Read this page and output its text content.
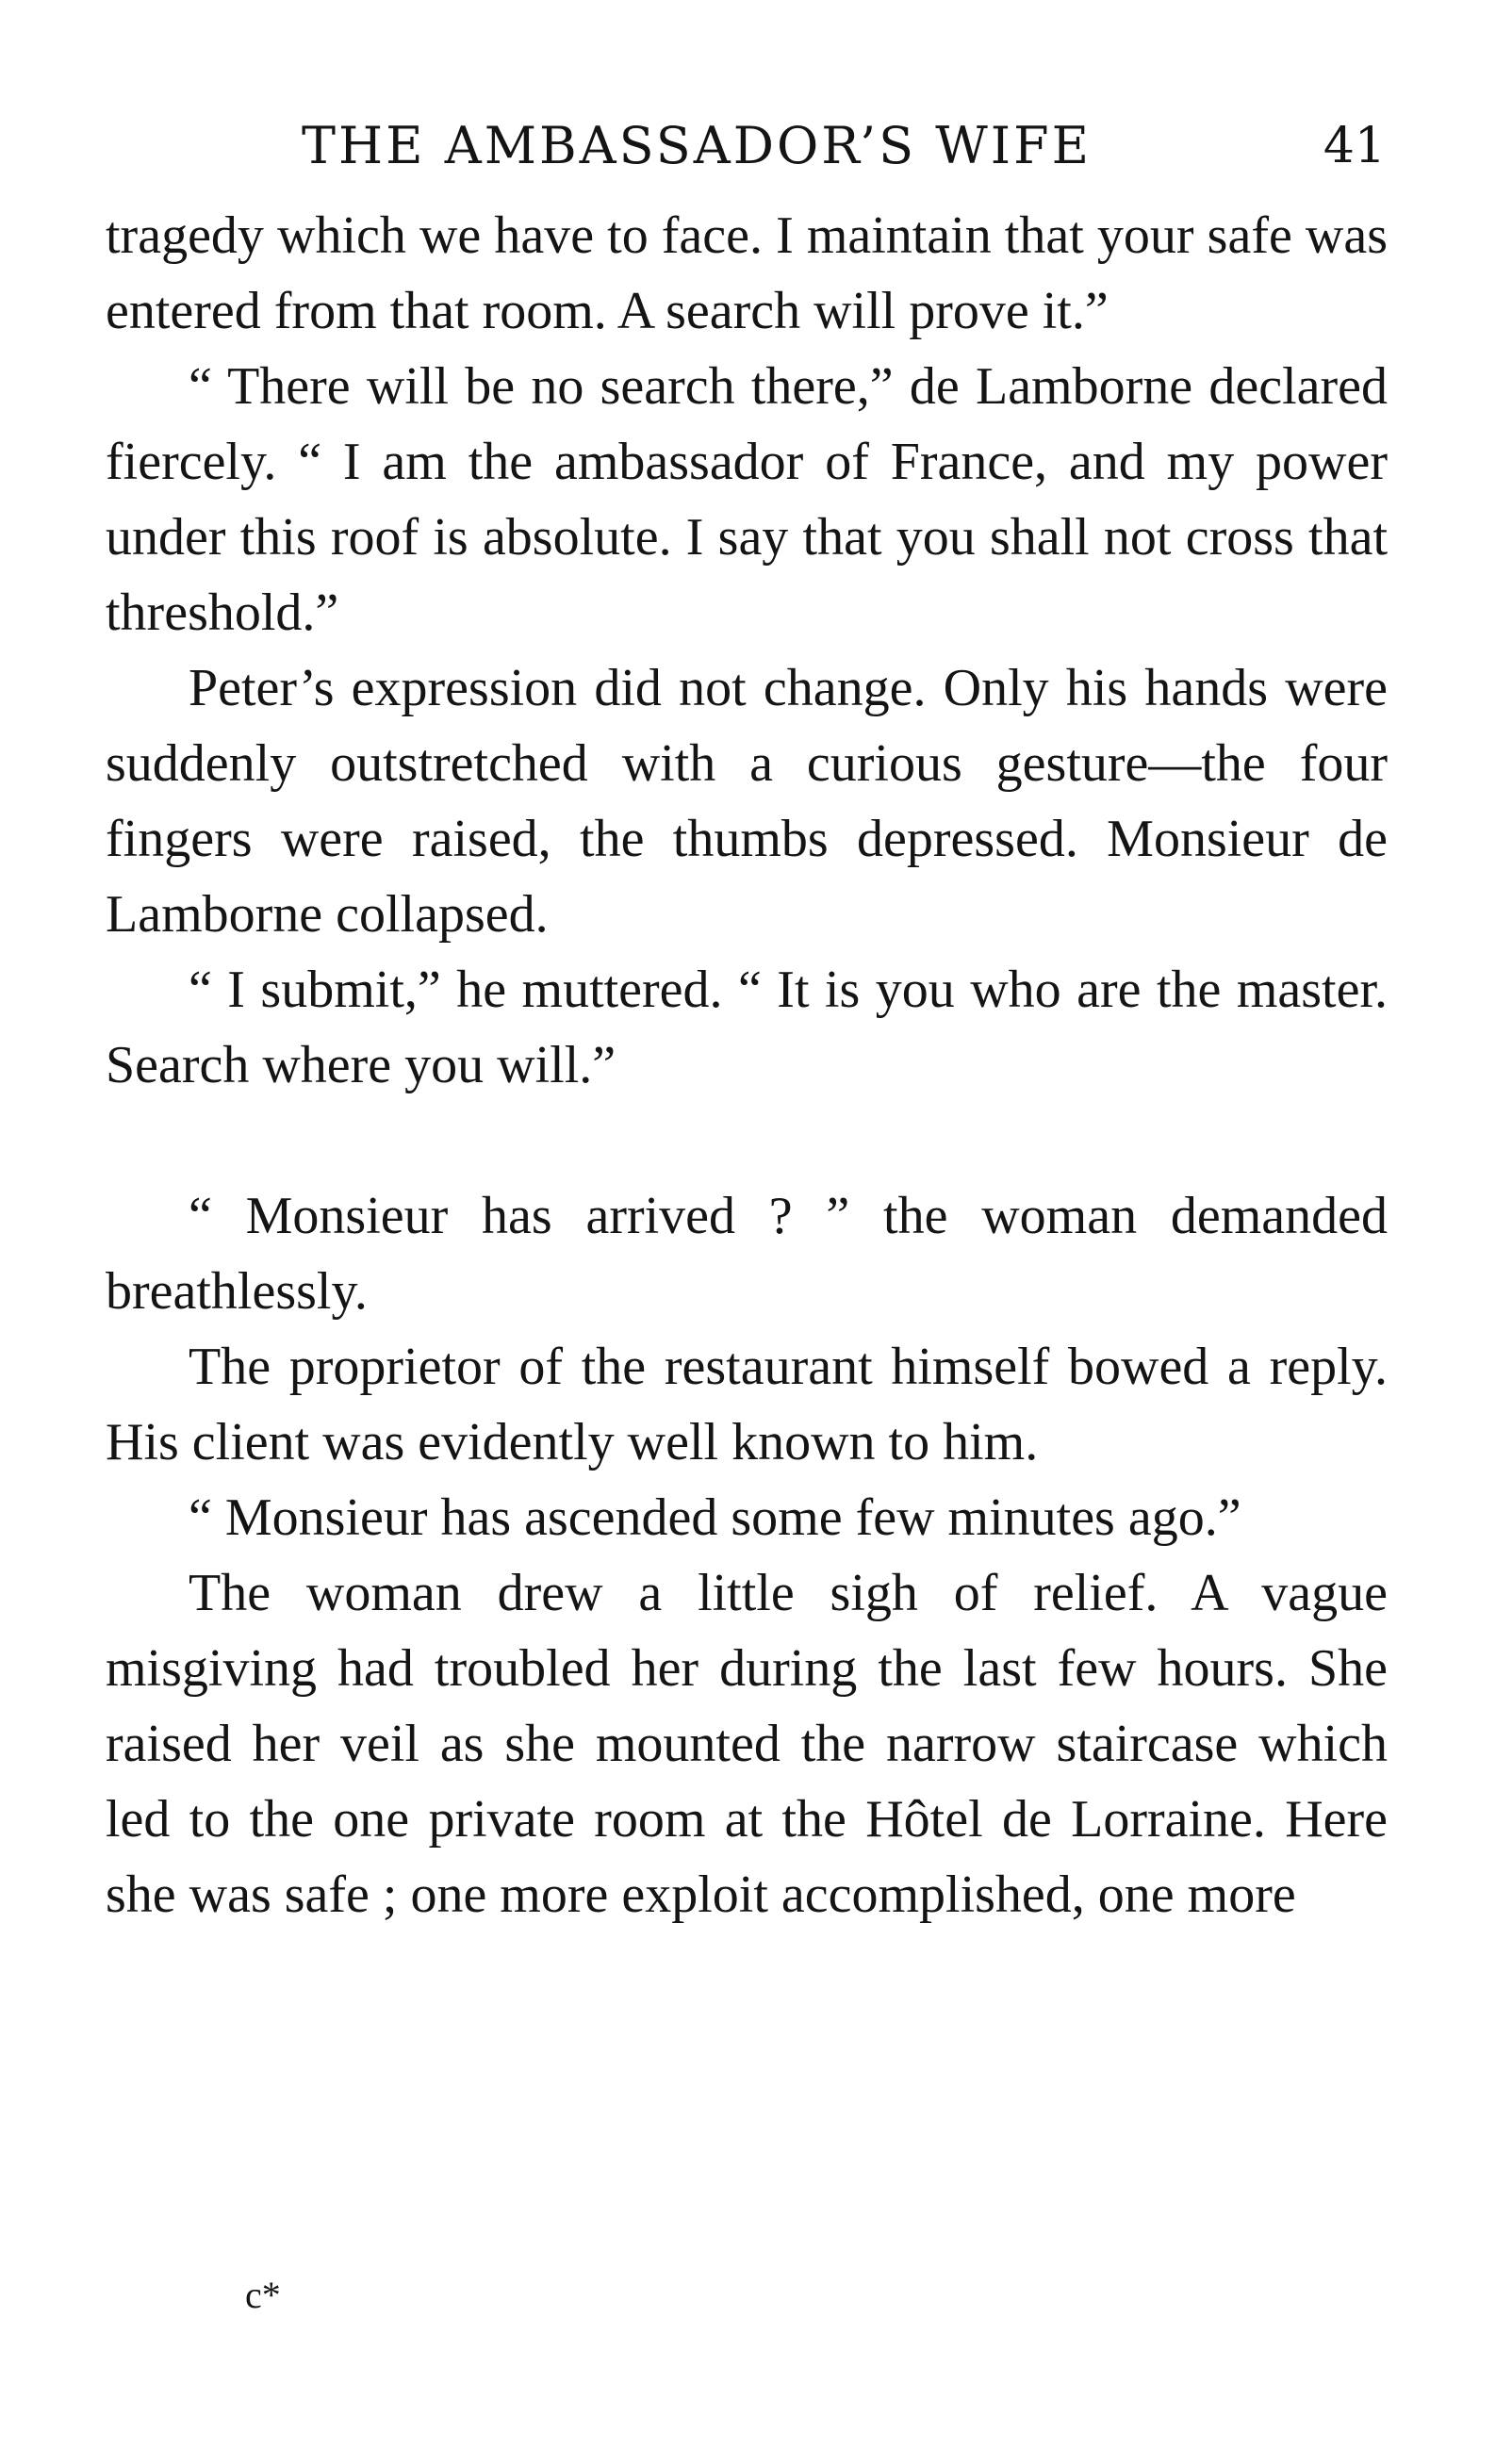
THE AMBASSADOR’S WIFE	41

tragedy which we have to face. I maintain that your safe was entered from that room. A search will prove it.”

“ There will be no search there,” de Lamborne declared fiercely. “ I am the ambassador of France, and my power under this roof is absolute. I say that you shall not cross that threshold.”

Peter’s expression did not change. Only his hands were suddenly outstretched with a curious gesture—the four fingers were raised, the thumbs depressed. Monsieur de Lamborne collapsed.

“ I submit,” he muttered. “ It is you who are the master. Search where you will.”

“ Monsieur has arrived ? ” the woman demanded breathlessly.

The proprietor of the restaurant himself bowed a reply. His client was evidently well known to him.

“ Monsieur has ascended some few minutes ago.”

The woman drew a little sigh of relief. A vague misgiving had troubled her during the last few hours. She raised her veil as she mounted the narrow staircase which led to the one private room at the Hôtel de Lorraine. Here she was safe ; one more exploit accomplished, one more

c*
